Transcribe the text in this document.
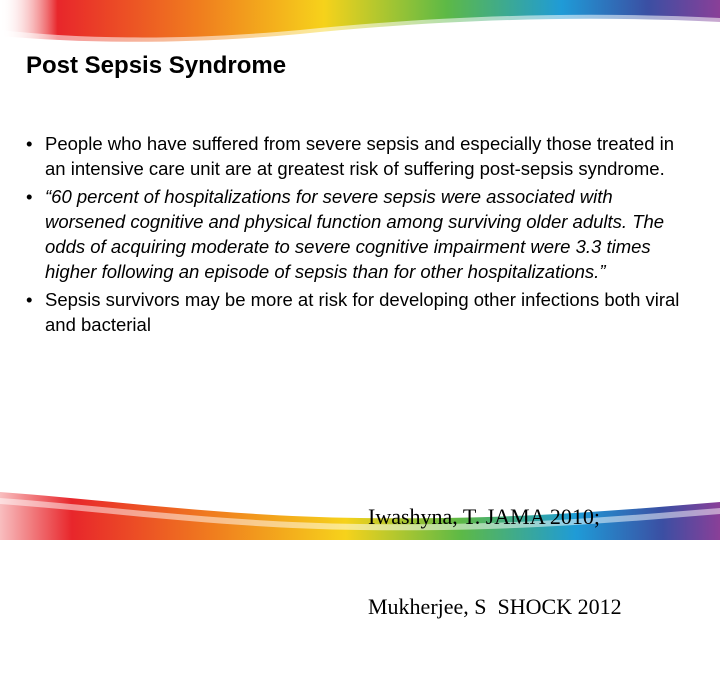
Post Sepsis Syndrome
• People who have suffered from severe sepsis and especially those treated in an intensive care unit are at greatest risk of suffering post-sepsis syndrome.
• “60 percent of hospitalizations for severe sepsis were associated with worsened cognitive and physical function among surviving older adults. The odds of acquiring moderate to severe cognitive impairment were 3.3 times higher following an episode of sepsis than for other hospitalizations.”
• Sepsis survivors may be more at risk for developing other infections both viral and bacterial

Iwashyna, T. JAMA 2010;

Mukherjee, S  SHOCK 2012
